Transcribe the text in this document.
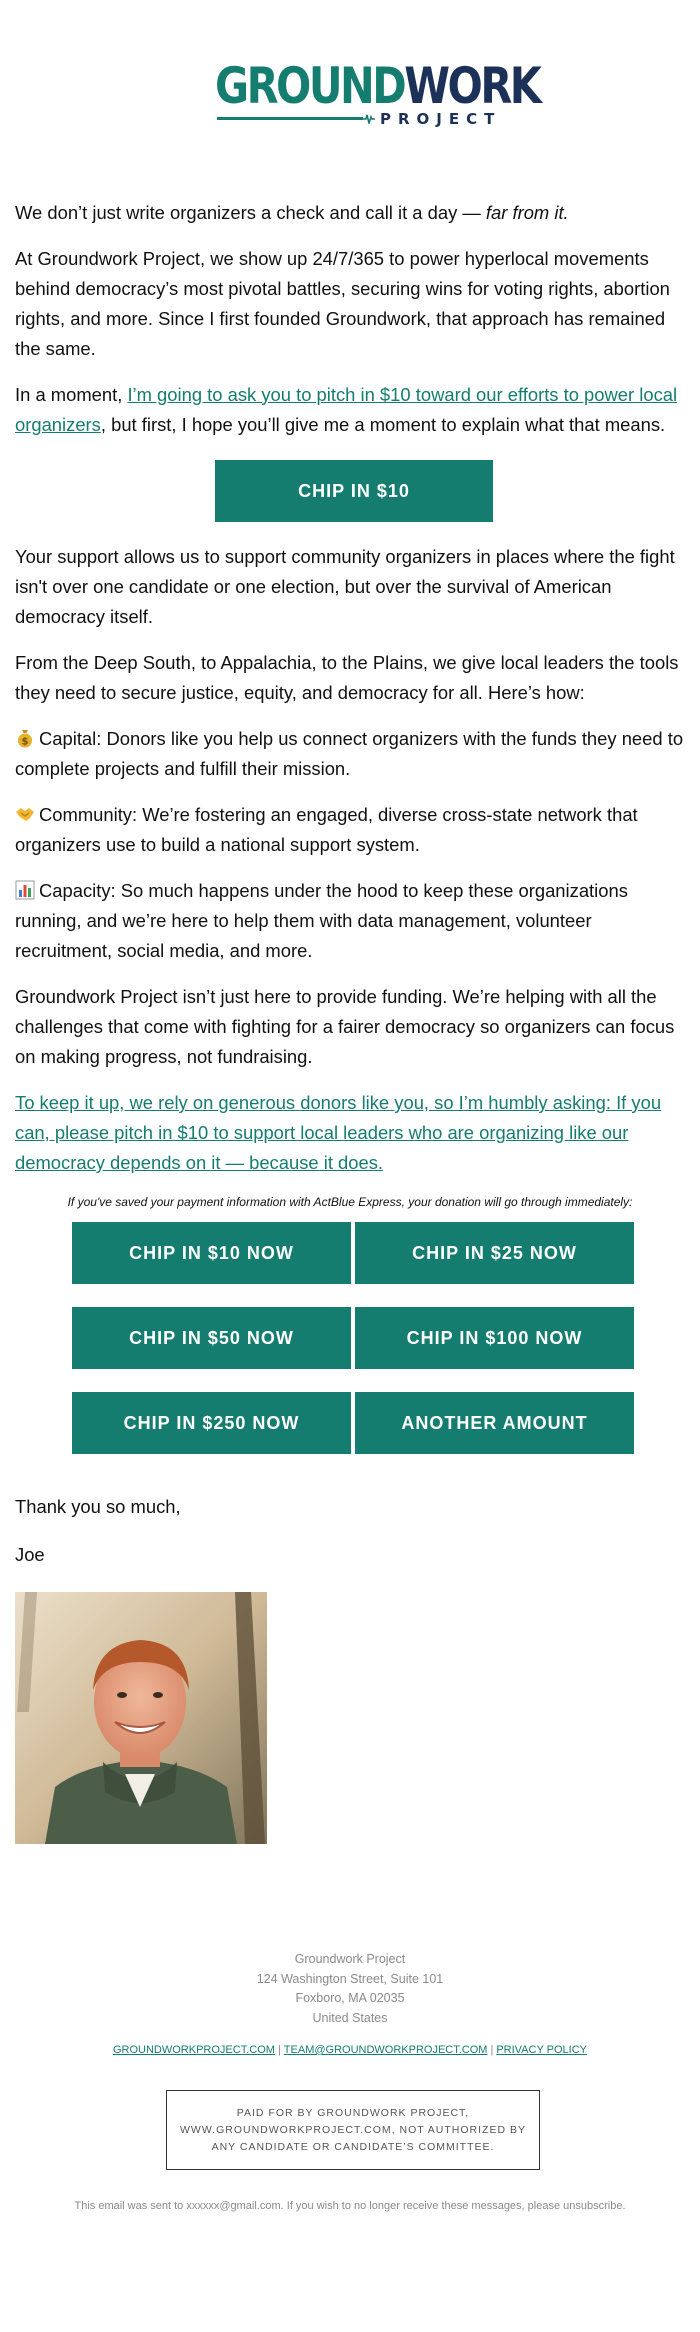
GROUNDWORK
PROJECT

We don’t just write organizers a check and call it a day — far from it.

At Groundwork Project, we show up 24/7/365 to power hyperlocal movements behind democracy’s most pivotal battles, securing wins for voting rights, abortion rights, and more. Since I first founded Groundwork, that approach has remained the same.

In a moment, I’m going to ask you to pitch in $10 toward our efforts to power local organizers, but first, I hope you’ll give me a moment to explain what that means.

CHIP IN $10

Your support allows us to support community organizers in places where the fight isn't over one candidate or one election, but over the survival of American democracy itself.

From the Deep South, to Appalachia, to the Plains, we give local leaders the tools they need to secure justice, equity, and democracy for all. Here’s how:

$ Capital: Donors like you help us connect organizers with the funds they need to complete projects and fulfill their mission.

Community: We’re fostering an engaged, diverse cross-state network that organizers use to build a national support system.

Capacity: So much happens under the hood to keep these organizations running, and we’re here to help them with data management, volunteer recruitment, social media, and more.

Groundwork Project isn’t just here to provide funding. We’re helping with all the challenges that come with fighting for a fairer democracy so organizers can focus on making progress, not fundraising.

To keep it up, we rely on generous donors like you, so I’m humbly asking: If you can, please pitch in $10 to support local leaders who are organizing like our democracy depends on it — because it does.

If you've saved your payment information with ActBlue Express, your donation will go through immediately:
CHIP IN $10 NOW	CHIP IN $25 NOW
CHIP IN $50 NOW	CHIP IN $100 NOW
CHIP IN $250 NOW	ANOTHER AMOUNT

Thank you so much,

Joe

Groundwork Project
124 Washington Street, Suite 101
Foxboro, MA 02035
United States
GROUNDWORKPROJECT.COM | TEAM@GROUNDWORKPROJECT.COM | PRIVACY POLICY
PAID FOR BY GROUNDWORK PROJECT, WWW.GROUNDWORKPROJECT.COM, NOT AUTHORIZED BY ANY CANDIDATE OR CANDIDATE’S COMMITTEE.
This email was sent to xxxxxx@gmail.com. If you wish to no longer receive these messages, please unsubscribe.
